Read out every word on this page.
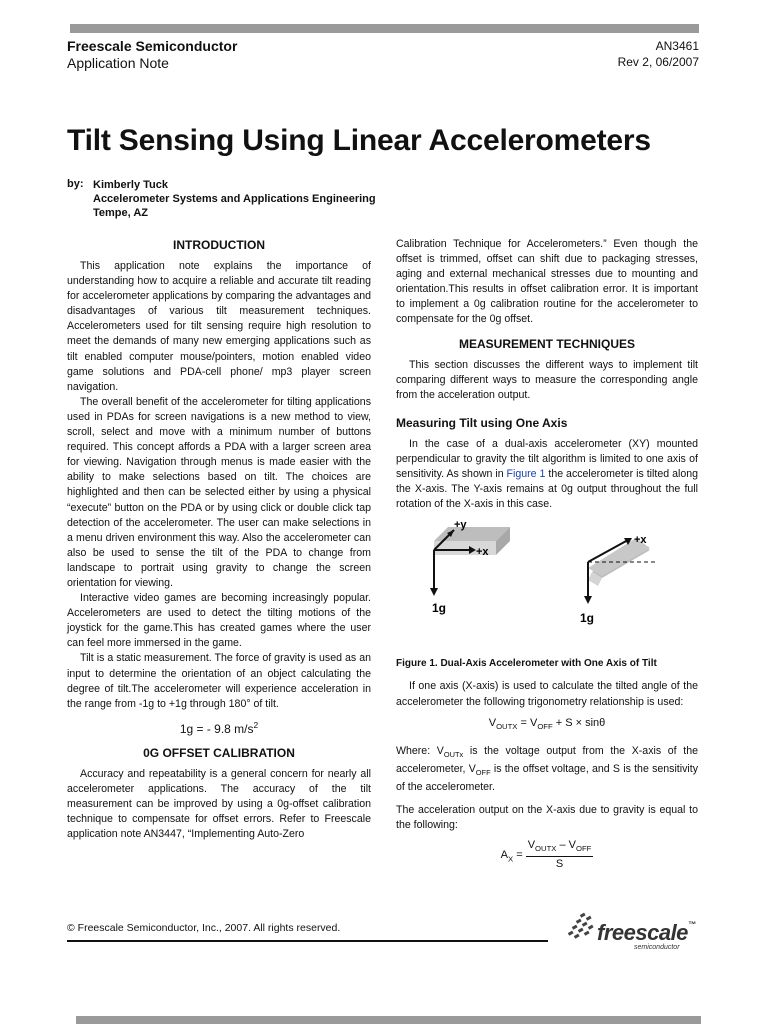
Freescale Semiconductor
Application Note
AN3461
Rev 2, 06/2007
Tilt Sensing Using Linear Accelerometers
by: Kimberly Tuck
Accelerometer Systems and Applications Engineering
Tempe, AZ
INTRODUCTION

This application note explains the importance of understanding how to acquire a reliable and accurate tilt reading for accelerometer applications by comparing the advantages and disadvantages of various tilt measurement techniques. Accelerometers used for tilt sensing require high resolution to meet the demands of many new emerging applications such as tilt enabled computer mouse/pointers, motion enabled video game solutions and PDA-cell phone/ mp3 player screen navigation.

The overall benefit of the accelerometer for tilting applications used in PDAs for screen navigations is a new method to view, scroll, select and move with a minimum number of buttons required. This concept affords a PDA with a larger screen area for viewing. Navigation through menus is made easier with the ability to make selections based on tilt. The choices are highlighted and then can be selected either by using a physical “execute” button on the PDA or by using click or double click tap detection of the accelerometer. The user can make selections in a menu driven environment this way. Also the accelerometer can also be used to sense the tilt of the PDA to change from landscape to portrait using gravity to change the screen orientation for viewing.

Interactive video games are becoming increasingly popular. Accelerometers are used to detect the tilting motions of the joystick for the game.This has created games where the user can feel more immersed in the game.

Tilt is a static measurement. The force of gravity is used as an input to determine the orientation of an object calculating the degree of tilt.The accelerometer will experience acceleration in the range from -1g to +1g through 180° of tilt.

1g = - 9.8 $m/s^2$
0G OFFSET CALIBRATION

Accuracy and repeatability is a general concern for nearly all accelerometer applications. The accuracy of the tilt measurement can be improved by using a 0g-offset calibration technique to compensate for offset errors. Refer to Freescale application note AN3447, “Implementing Auto-Zero

Calibration Technique for Accelerometers.” Even though the offset is trimmed, offset can shift due to packaging stresses, aging and external mechanical stresses due to mounting and orientation.This results in offset calibration error. It is important to implement a 0g calibration routine for the accelerometer to compensate for the 0g offset.

MEASUREMENT TECHNIQUES

This section discusses the different ways to implement tilt comparing different ways to measure the corresponding angle from the acceleration output.

Measuring Tilt using One Axis

In the case of a dual-axis accelerometer (XY) mounted perpendicular to gravity the tilt algorithm is limited to one axis of sensitivity. As shown in Figure 1 the accelerometer is tilted along the X-axis. The Y-axis remains at 0g output throughout the full rotation of the X-axis in this case.

+y
+x
1g
+x
1g

Figure 1. Dual-Axis Accelerometer with One Axis of Tilt

If one axis (X-axis) is used to calculate the tilted angle of the accelerometer the following trigonometry relationship is used:

$V_{OUTX} = V_{OFF} + S \times \sin\theta$

Where: $V_{OUTx}$ is the voltage output from the X-axis of the accelerometer, $V_{OFF}$ is the offset voltage, and S is the sensitivity of the accelerometer.

The acceleration output on the X-axis due to gravity is equal to the following:

$A_X = \frac{V_{OUTX} - V_{OFF}}{S}$
© Freescale Semiconductor, Inc., 2007. All rights reserved.	freescale™
semiconductor
